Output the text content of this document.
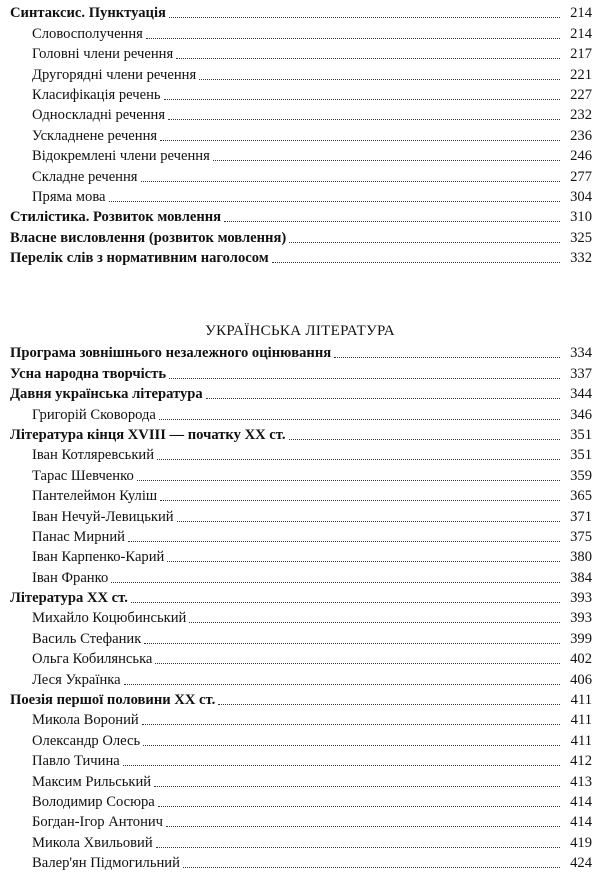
Синтаксис. Пунктуація	214
Словосполучення	214
Головні члени речення	217
Другорядні члени речення	221
Класифікація речень	227
Односкладні речення	232
Ускладнене речення	236
Відокремлені члени речення	246
Складне речення	277
Пряма мова	304
Стилістика. Розвиток мовлення	310
Власне висловлення (розвиток мовлення)	325
Перелік слів з нормативним наголосом	332
УКРАЇНСЬКА ЛІТЕРАТУРА
Програма зовнішнього незалежного оцінювання	334
Усна народна творчість	337
Давня українська література	344
Григорій Сковорода	346
Література кінця XVIII — початку XX ст.	351
Іван Котляревський	351
Тарас Шевченко	359
Пантелеймон Куліш	365
Іван Нечуй-Левицький	371
Панас Мирний	375
Іван Карпенко-Карий	380
Іван Франко	384
Література XX ст.	393
Михайло Коцюбинський	393
Василь Стефаник	399
Ольга Кобилянська	402
Леся Українка	406
Поезія першої половини XX ст.	411
Микола Вороний	411
Олександр Олесь	411
Павло Тичина	412
Максим Рильський	413
Володимир Сосюра	414
Богдан-Ігор Антонич	414
Микола Хвильовий	419
Валер'ян Підмогильний	424
